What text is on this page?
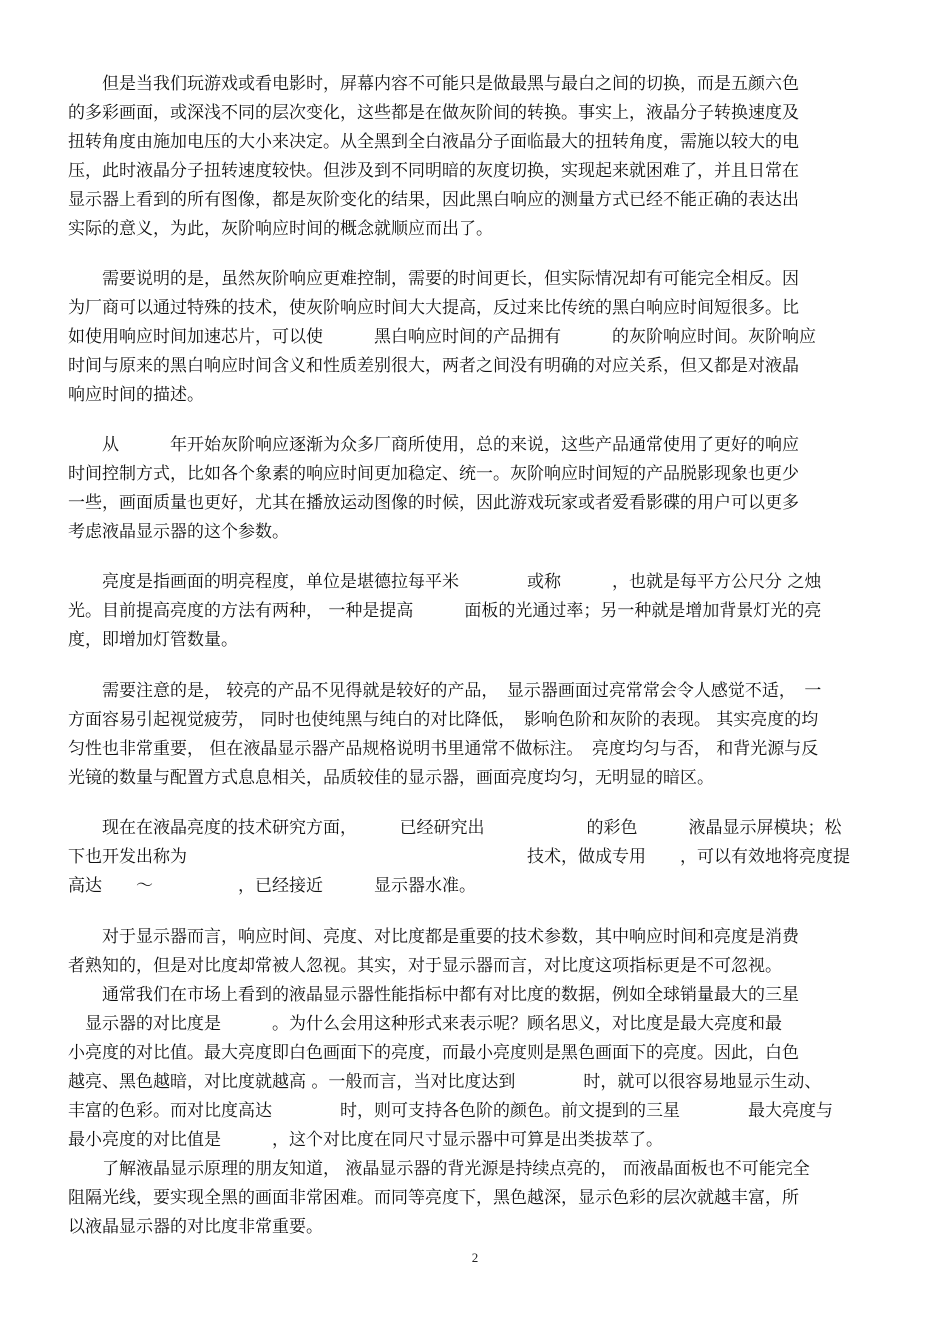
　　但是当我们玩游戏或看电影时，屏幕内容不可能只是做最黑与最白之间的切换，而是五颜六色
的多彩画面，或深浅不同的层次变化，这些都是在做灰阶间的转换。事实上，液晶分子转换速度及
扭转角度由施加电压的大小来决定。从全黑到全白液晶分子面临最大的扭转角度，需施以较大的电
压，此时液晶分子扭转速度较快。但涉及到不同明暗的灰度切换，实现起来就困难了，并且日常在
显示器上看到的所有图像，都是灰阶变化的结果，因此黑白响应的测量方式已经不能正确的表达出
实际的意义，为此，灰阶响应时间的概念就顺应而出了。
　　需要说明的是，虽然灰阶响应更难控制，需要的时间更长，但实际情况却有可能完全相反。因
为厂商可以通过特殊的技术，使灰阶响应时间大大提高，反过来比传统的黑白响应时间短很多。比
如使用响应时间加速芯片，可以使　　　黑白响应时间的产品拥有　　　的灰阶响应时间。灰阶响应
时间与原来的黑白响应时间含义和性质差别很大，两者之间没有明确的对应关系，但又都是对液晶
响应时间的描述。
　　从　　　年开始灰阶响应逐渐为众多厂商所使用，总的来说，这些产品通常使用了更好的响应
时间控制方式，比如各个象素的响应时间更加稳定、统一。灰阶响应时间短的产品脱影现象也更少
一些，画面质量也更好，尤其在播放运动图像的时候，因此游戏玩家或者爱看影碟的用户可以更多
考虑液晶显示器的这个参数。
　　亮度是指画面的明亮程度，单位是堪德拉每平米　　　　或称　　　，也就是每平方公尺分 之烛
光。目前提高亮度的方法有两种， 一种是提高　　　面板的光通过率；另一种就是增加背景灯光的亮
度，即增加灯管数量。
　　需要注意的是， 较亮的产品不见得就是较好的产品，　显示器画面过亮常常会令人感觉不适，　一
方面容易引起视觉疲劳， 同时也使纯黑与纯白的对比降低，　影响色阶和灰阶的表现。 其实亮度的均
匀性也非常重要， 但在液晶显示器产品规格说明书里通常不做标注。　亮度均匀与否， 和背光源与反
光镜的数量与配置方式息息相关，品质较佳的显示器，画面亮度均匀，无明显的暗区。
　　现在在液晶亮度的技术研究方面，　　　已经研究出　　　　　　的彩色　　　液晶显示屏模块；松
下也开发出称为　　　　　　　　　　　　　　　　　　　　技术，做成专用　　，可以有效地将亮度提
高达　　～　　　　　，已经接近　　　显示器水准。
　　对于显示器而言，响应时间、亮度、对比度都是重要的技术参数，其中响应时间和亮度是消费
者熟知的，但是对比度却常被人忽视。其实，对于显示器而言，对比度这项指标更是不可忽视。
　　通常我们在市场上看到的液晶显示器性能指标中都有对比度的数据，例如全球销量最大的三星
　显示器的对比度是　　　。为什么会用这种形式来表示呢？顾名思义，对比度是最大亮度和最
小亮度的对比值。最大亮度即白色画面下的亮度，而最小亮度则是黑色画面下的亮度。因此，白色
越亮、黑色越暗，对比度就越高 。一般而言，当对比度达到　　　　时，就可以很容易地显示生动、
丰富的色彩。而对比度高达　　　　时，则可支持各色阶的颜色。前文提到的三星　　　　最大亮度与
最小亮度的对比值是　　　，这个对比度在同尺寸显示器中可算是出类拔萃了。
　　了解液晶显示原理的朋友知道， 液晶显示器的背光源是持续点亮的， 而液晶面板也不可能完全
阻隔光线，要实现全黑的画面非常困难。而同等亮度下，黑色越深，显示色彩的层次就越丰富，所
以液晶显示器的对比度非常重要。
2
